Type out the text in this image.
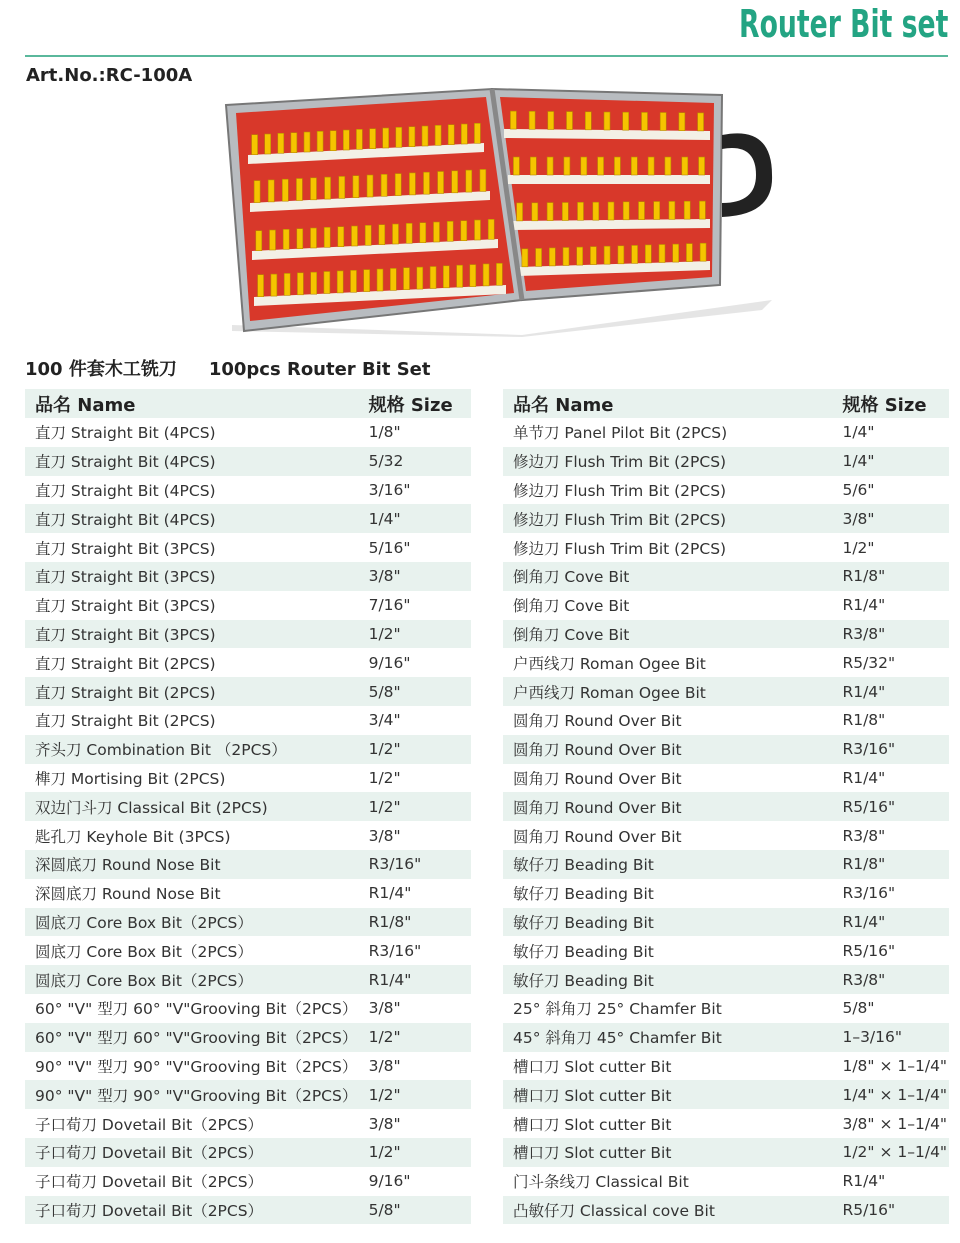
Router Bit set
Art.No.:RC-100A
100 件套木工铣刀 100pcs Router Bit Set
品名 Name	规格 Size
直刀 Straight Bit (4PCS)	1/8"
直刀 Straight Bit (4PCS)	5/32
直刀 Straight Bit (4PCS)	3/16"
直刀 Straight Bit (4PCS)	1/4"
直刀 Straight Bit (3PCS)	5/16"
直刀 Straight Bit (3PCS)	3/8"
直刀 Straight Bit (3PCS)	7/16"
直刀 Straight Bit (3PCS)	1/2"
直刀 Straight Bit (2PCS)	9/16"
直刀 Straight Bit (2PCS)	5/8"
直刀 Straight Bit (2PCS)	3/4"
齐头刀 Combination Bit （2PCS）	1/2"
榫刀 Mortising Bit (2PCS)	1/2"
双边门斗刀 Classical Bit (2PCS)	1/2"
匙孔刀 Keyhole Bit (3PCS)	3/8"
深圆底刀 Round Nose Bit	R3/16"
深圆底刀 Round Nose Bit	R1/4"
圆底刀 Core Box Bit（2PCS）	R1/8"
圆底刀 Core Box Bit（2PCS）	R3/16"
圆底刀 Core Box Bit（2PCS）	R1/4"
60° "V" 型刀 60° "V"Grooving Bit（2PCS）	3/8"
60° "V" 型刀 60° "V"Grooving Bit（2PCS）	1/2"
90° "V" 型刀 90° "V"Grooving Bit（2PCS）	3/8"
90° "V" 型刀 90° "V"Grooving Bit（2PCS）	1/2"
子口荀刀 Dovetail Bit（2PCS）	3/8"
子口荀刀 Dovetail Bit（2PCS）	1/2"
子口荀刀 Dovetail Bit（2PCS）	9/16"
子口荀刀 Dovetail Bit（2PCS）	5/8"
品名 Name	规格 Size
单节刀 Panel Pilot Bit (2PCS)	1/4"
修边刀 Flush Trim Bit (2PCS)	1/4"
修边刀 Flush Trim Bit (2PCS)	5/6"
修边刀 Flush Trim Bit (2PCS)	3/8"
修边刀 Flush Trim Bit (2PCS)	1/2"
倒角刀 Cove Bit	R1/8"
倒角刀 Cove Bit	R1/4"
倒角刀 Cove Bit	R3/8"
户西线刀 Roman Ogee Bit	R5/32"
户西线刀 Roman Ogee Bit	R1/4"
圆角刀 Round Over Bit	R1/8"
圆角刀 Round Over Bit	R3/16"
圆角刀 Round Over Bit	R1/4"
圆角刀 Round Over Bit	R5/16"
圆角刀 Round Over Bit	R3/8"
敏仔刀 Beading Bit	R1/8"
敏仔刀 Beading Bit	R3/16"
敏仔刀 Beading Bit	R1/4"
敏仔刀 Beading Bit	R5/16"
敏仔刀 Beading Bit	R3/8"
25° 斜角刀 25° Chamfer Bit	5/8"
45° 斜角刀 45° Chamfer Bit	1–3/16"
槽口刀 Slot cutter Bit	1/8" × 1–1/4"
槽口刀 Slot cutter Bit	1/4" × 1–1/4"
槽口刀 Slot cutter Bit	3/8" × 1–1/4"
槽口刀 Slot cutter Bit	1/2" × 1–1/4"
门斗条线刀 Classical Bit	R1/4"
凸敏仔刀 Classical cove Bit	R5/16"
